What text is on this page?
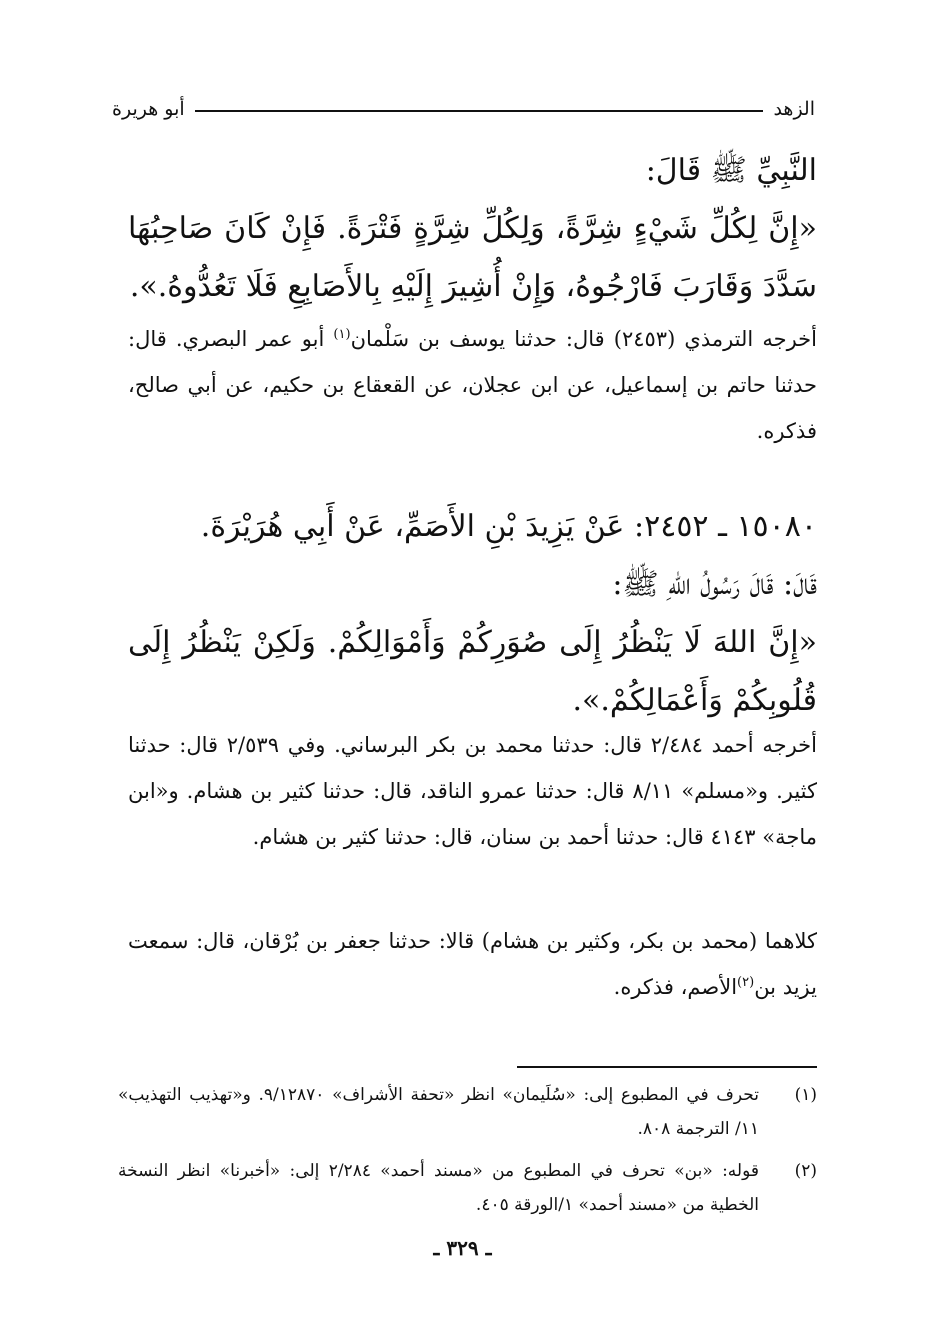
الزهد
أبو هريرة
النَّبِيِّ ﷺ قَالَ:
«إِنَّ لِكُلِّ شَيْءٍ شِرَّةً، وَلِكُلِّ شِرَّةٍ فَتْرَةً. فَإِنْ كَانَ صَاحِبُهَا سَدَّدَ وَقَارَبَ فَارْجُوهُ، وَإِنْ أُشِيرَ إِلَيْهِ بِالأَصَابِعِ فَلَا تَعُدُّوهُ.».
أخرجه الترمذي (٢٤٥٣) قال: حدثنا يوسف بن سَلْمان$^{(١)}$ أبو عمر البصري. قال: حدثنا حاتم بن إسماعيل، عن ابن عجلان، عن القعقاع بن حكيم، عن أبي صالح، فذكره.
١٥٠٨٠ ـ ٢٤٥٢: عَنْ يَزِيدَ بْنِ الأَصَمِّ، عَنْ أَبِي هُرَيْرَةَ.
قَالَ: قَالَ رَسُولُ اللهِ ﷺ:
«إِنَّ اللهَ لَا يَنْظُرُ إِلَى صُوَرِكُمْ وَأَمْوَالِكُمْ. وَلَكِنْ يَنْظُرُ إِلَى قُلُوبِكُمْ وَأَعْمَالِكُمْ.».
أخرجه أحمد ٢/٤٨٤ قال: حدثنا محمد بن بكر البرساني. وفي ٢/٥٣٩ قال: حدثنا كثير. و«مسلم» ٨/١١ قال: حدثنا عمرو الناقد، قال: حدثنا كثير بن هشام. و«ابن ماجة» ٤١٤٣ قال: حدثنا أحمد بن سنان، قال: حدثنا كثير بن هشام.
كلاهما (محمد بن بكر، وكثير بن هشام) قالا: حدثنا جعفر بن بُرْقان، قال: سمعت يزيد بن$^{(٢)}$الأصم، فذكره.
(١)
تحرف في المطبوع إلى: «سُلَيمان» انظر «تحفة الأشراف» ٩/١٢٨٧٠. و«تهذيب التهذيب» ١١/ الترجمة ٨٠٨.
(٢)
قوله: «بن» تحرف في المطبوع من «مسند أحمد» ٢/٢٨٤ إلى: «أخبرنا» انظر النسخة الخطية من «مسند أحمد» ١/الورقة ٤٠٥.
ـ ٣٢٩ ـ
